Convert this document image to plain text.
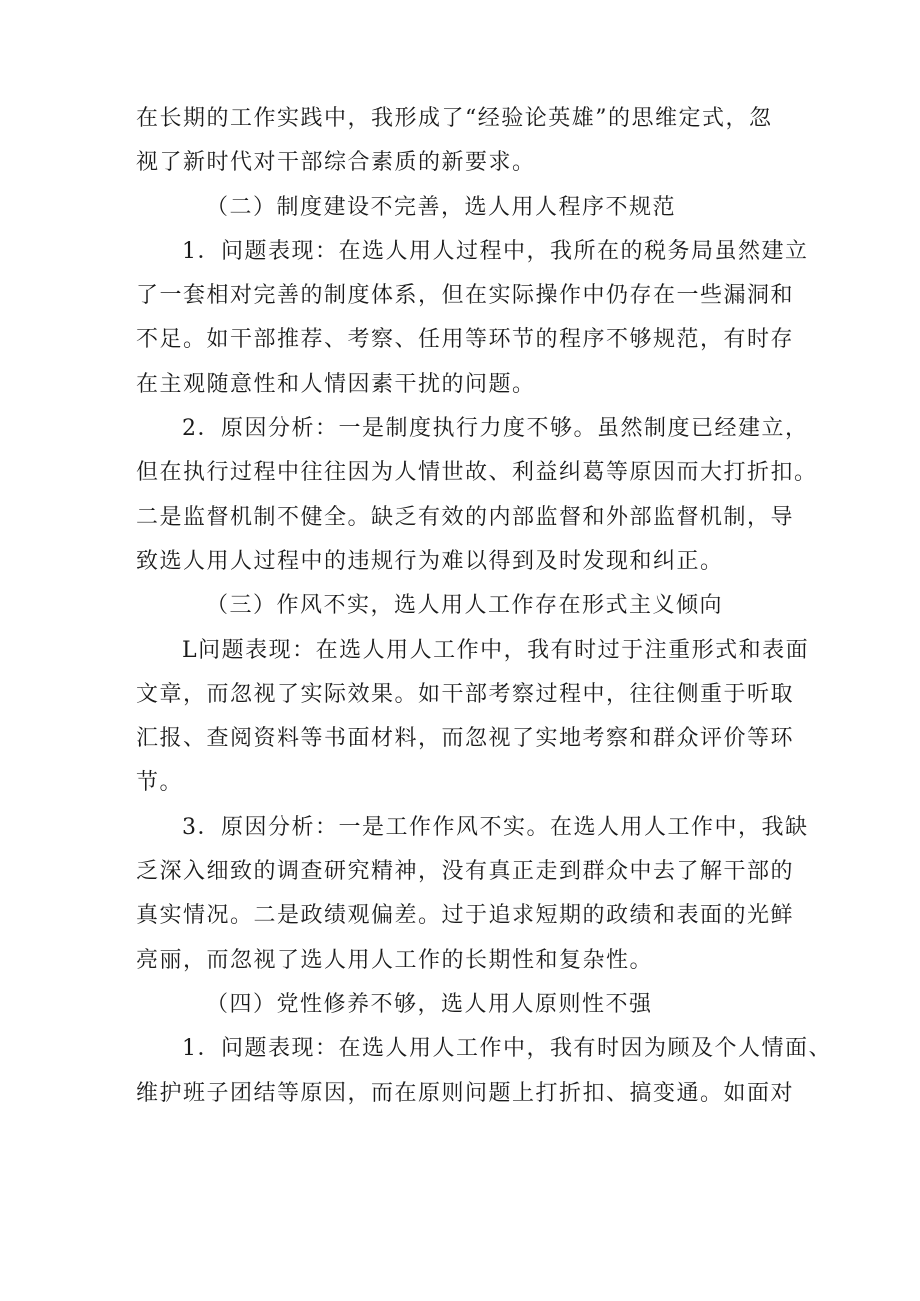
在长期的工作实践中，我形成了“经验论英雄”的思维定式，忽
视了新时代对干部综合素质的新要求。
（二）制度建设不完善，选人用人程序不规范
1．问题表现：在选人用人过程中，我所在的税务局虽然建立
了一套相对完善的制度体系，但在实际操作中仍存在一些漏洞和
不足。如干部推荐、考察、任用等环节的程序不够规范，有时存
在主观随意性和人情因素干扰的问题。
2．原因分析：一是制度执行力度不够。虽然制度已经建立，
但在执行过程中往往因为人情世故、利益纠葛等原因而大打折扣。
二是监督机制不健全。缺乏有效的内部监督和外部监督机制，导
致选人用人过程中的违规行为难以得到及时发现和纠正。
（三）作风不实，选人用人工作存在形式主义倾向
L问题表现：在选人用人工作中，我有时过于注重形式和表面
文章，而忽视了实际效果。如干部考察过程中，往往侧重于听取
汇报、查阅资料等书面材料，而忽视了实地考察和群众评价等环
节。
3．原因分析：一是工作作风不实。在选人用人工作中，我缺
乏深入细致的调查研究精神，没有真正走到群众中去了解干部的
真实情况。二是政绩观偏差。过于追求短期的政绩和表面的光鲜
亮丽，而忽视了选人用人工作的长期性和复杂性。
（四）党性修养不够，选人用人原则性不强
1．问题表现：在选人用人工作中，我有时因为顾及个人情面、
维护班子团结等原因，而在原则问题上打折扣、搞变通。如面对
